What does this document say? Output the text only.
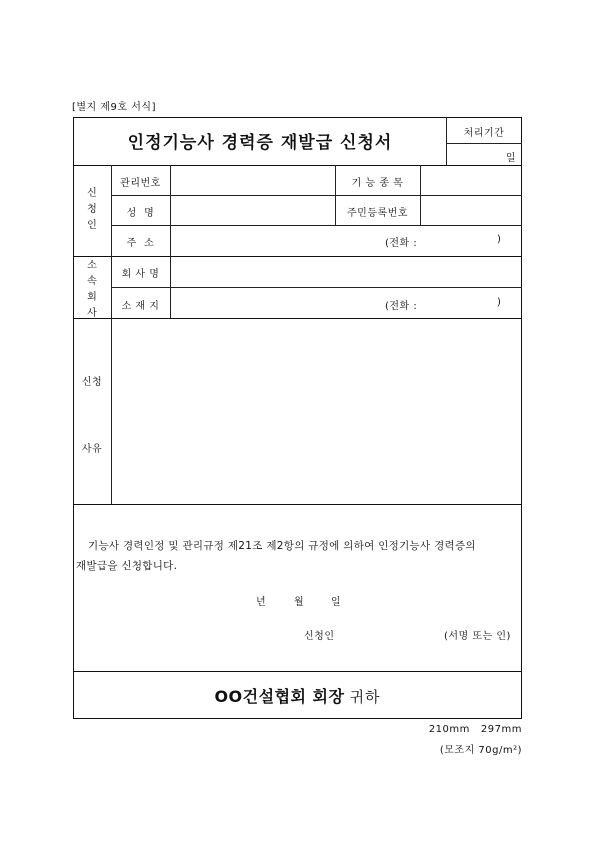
[별지 제9호 서식]
인정기능사 경력증 재발급 신청서	처리기간
일
신
청
인
관리번호	기 능 종 목
성  명	주민등록번호
주  소	(전화 :	)
소
속
회
사
회 사 명
소 재 지	(전화 :	)
신청
사유
기능사 경력인정 및 관리규정 제21조 제2항의 규정에 의하여 인정기능사 경력증의
재발급을 신청합니다.
년	월	일
신청인	(서명 또는 인)
OO건설협회 회장 귀하
210mm   297mm
(모조지 70g/m²)
